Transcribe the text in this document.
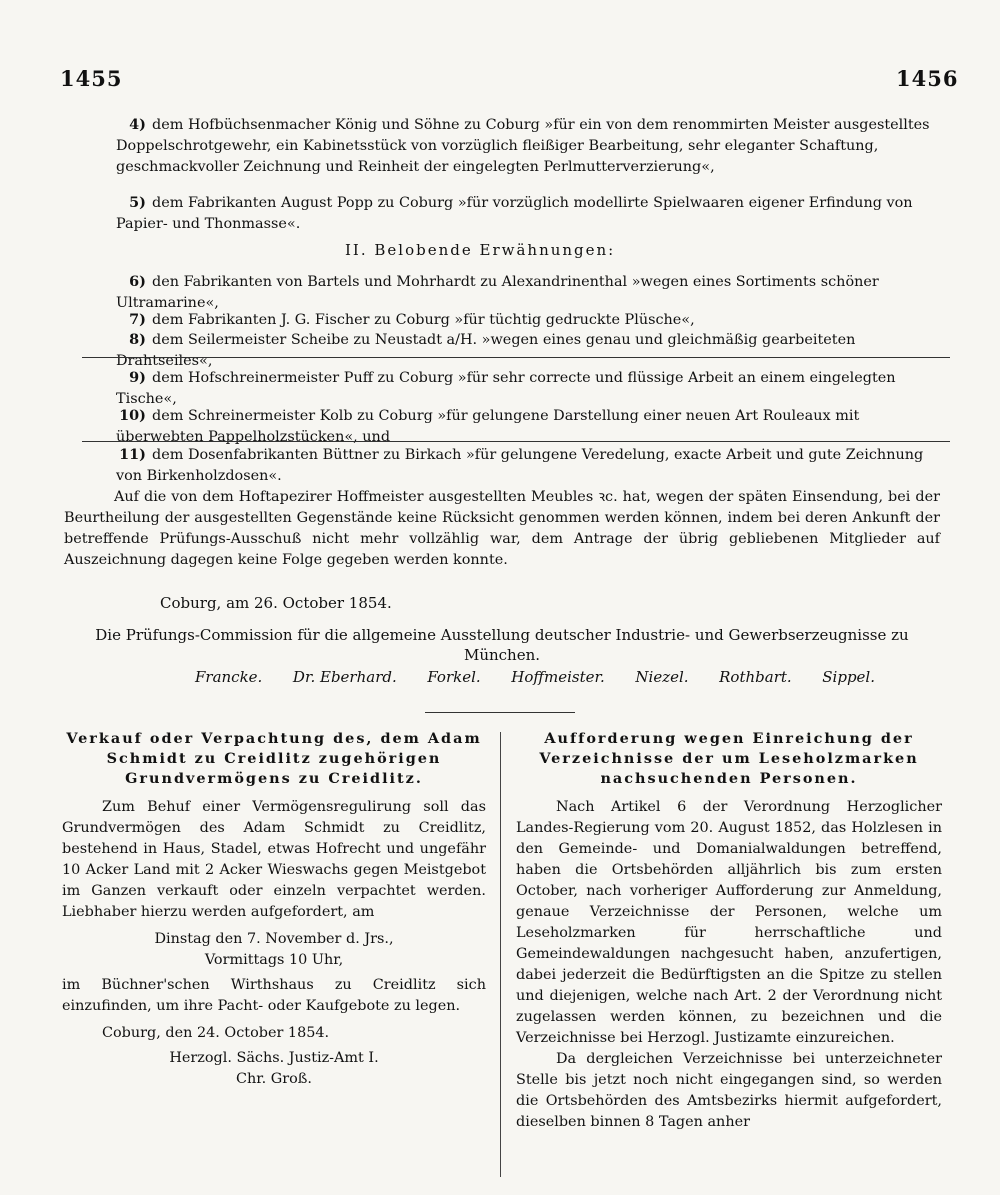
1455	1456

4) dem Hofbüchsenmacher König und Söhne zu Coburg »für ein von dem renommirten Meister ausgestelltes Doppelschrotgewehr, ein Kabinetsstück von vorzüglich fleißiger Bearbeitung, sehr eleganter Schaftung, geschmackvoller Zeichnung und Reinheit der eingelegten Perlmutterverzierung«,

5) dem Fabrikanten August Popp zu Coburg »für vorzüglich modellirte Spielwaaren eigener Erfindung von Papier- und Thonmasse«.

II. Belobende Erwähnungen:

6) den Fabrikanten von Bartels und Mohrhardt zu Alexandrinenthal »wegen eines Sortiments schöner Ultramarine«,

7) dem Fabrikanten J. G. Fischer zu Coburg »für tüchtig gedruckte Plüsche«,

8) dem Seilermeister Scheibe zu Neustadt a/H. »wegen eines genau und gleichmäßig gearbeiteten Drahtseiles«,

9) dem Hofschreinermeister Puff zu Coburg »für sehr correcte und flüssige Arbeit an einem eingelegten Tische«,

10) dem Schreinermeister Kolb zu Coburg »für gelungene Darstellung einer neuen Art Rouleaux mit überwebten Pappelholzstücken«, und

11) dem Dosenfabrikanten Büttner zu Birkach »für gelungene Veredelung, exacte Arbeit und gute Zeichnung von Birkenholzdosen«.

Auf die von dem Hoftapezirer Hoffmeister ausgestellten Meubles ꝛc. hat, wegen der späten Einsendung, bei der Beurtheilung der ausgestellten Gegenstände keine Rücksicht genommen werden können, indem bei deren Ankunft der betreffende Prüfungs-Ausschuß nicht mehr vollzählig war, dem Antrage der übrig gebliebenen Mitglieder auf Auszeichnung dagegen keine Folge gegeben werden konnte.

Coburg, am 26. October 1854.
Die Prüfungs-Commission für die allgemeine Ausstellung deutscher Industrie- und Gewerbserzeugnisse zu München.
Francke. Dr. Eberhard. Forkel. Hoffmeister. Niezel. Rothbart. Sippel.
Verkauf oder Verpachtung des, dem Adam Schmidt zu Creidlitz zugehörigen Grundvermögens zu Creidlitz.

Zum Behuf einer Vermögensregulirung soll das Grundvermögen des Adam Schmidt zu Creidlitz, bestehend in Haus, Stadel, etwas Hofrecht und ungefähr 10 Acker Land mit 2 Acker Wieswachs gegen Meistgebot im Ganzen verkauft oder einzeln verpachtet werden. Liebhaber hierzu werden aufgefordert, am

Dinstag den 7. November d. Jrs.,

Vormittags 10 Uhr,

im Büchner'schen Wirthshaus zu Creidlitz sich einzufinden, um ihre Pacht- oder Kaufgebote zu legen.

Coburg, den 24. October 1854.

Herzogl. Sächs. Justiz-Amt I.

Chr. Groß.

Aufforderung wegen Einreichung der Verzeichnisse der um Leseholzmarken nachsuchenden Personen.

Nach Artikel 6 der Verordnung Herzoglicher Landes-Regierung vom 20. August 1852, das Holzlesen in den Gemeinde- und Domanialwaldungen betreffend, haben die Ortsbehörden alljährlich bis zum ersten October, nach vorheriger Aufforderung zur Anmeldung, genaue Verzeichnisse der Personen, welche um Leseholzmarken für herrschaftliche und Gemeindewaldungen nachgesucht haben, anzufertigen, dabei jederzeit die Bedürftigsten an die Spitze zu stellen und diejenigen, welche nach Art. 2 der Verordnung nicht zugelassen werden können, zu bezeichnen und die Verzeichnisse bei Herzogl. Justizamte einzureichen.

Da dergleichen Verzeichnisse bei unterzeichneter Stelle bis jetzt noch nicht eingegangen sind, so werden die Ortsbehörden des Amtsbezirks hiermit aufgefordert, dieselben binnen 8 Tagen anher
